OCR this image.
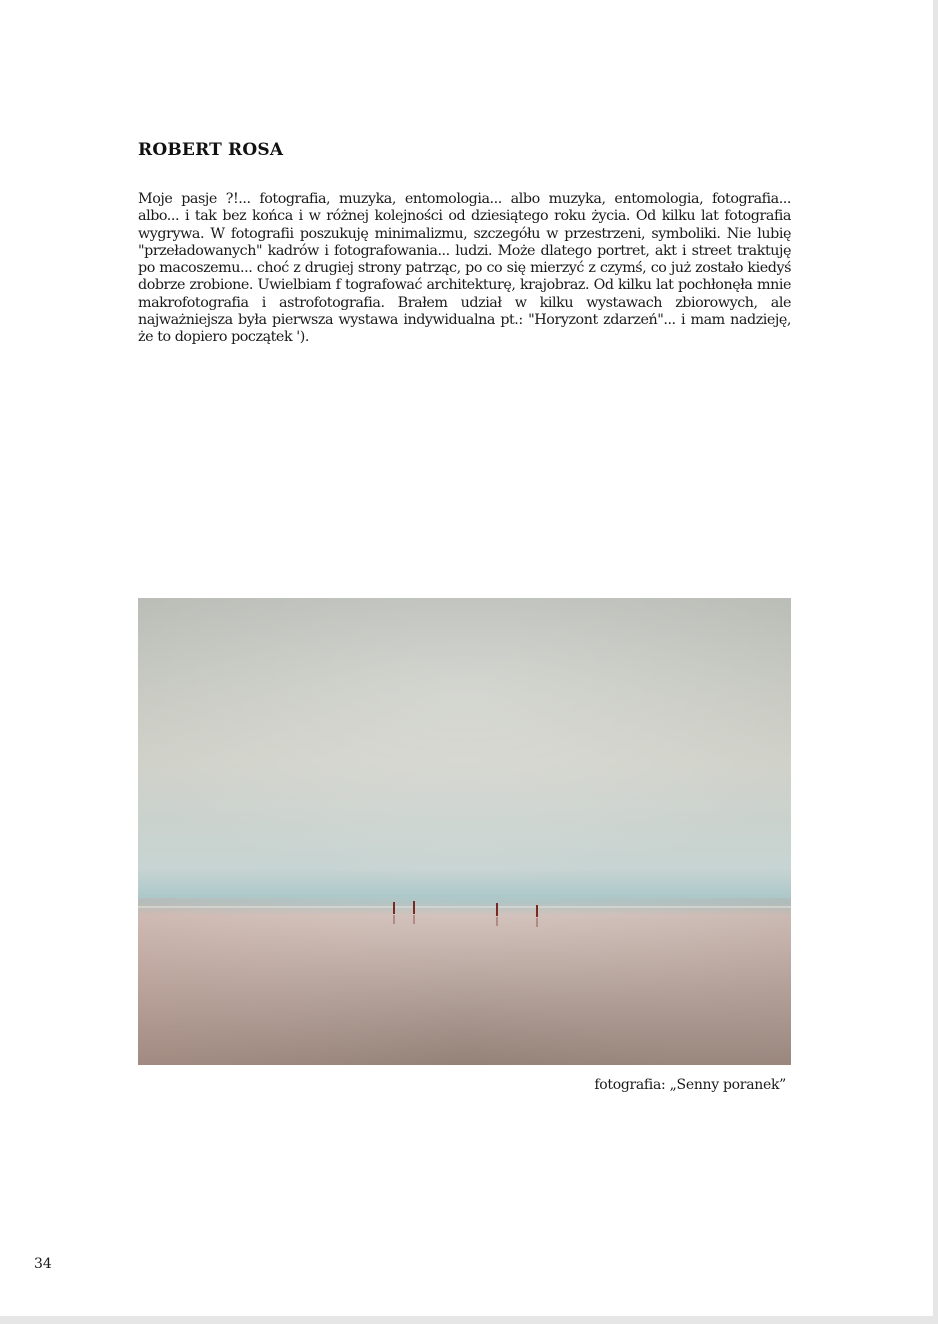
ROBERT ROSA

Moje pasje ?!... fotografia, muzyka, entomologia... albo muzyka, entomologia, fotografia... albo... i tak bez końca i w różnej kolejności od dziesiątego roku życia. Od kilku lat fotografia wygrywa. W fotografii poszukuję minimalizmu, szczegółu w przestrzeni, symboliki. Nie lubię "przeładowanych" kadrów i fotografowania... ludzi. Może dlatego portret, akt i street traktuję po macoszemu... choć z drugiej strony patrząc, po co się mierzyć z czymś, co już zostało kiedyś dobrze zrobione. Uwielbiam f tografować architekturę, krajobraz. Od kilku lat pochłonęła mnie makrofotografia i astrofotografia. Brałem udział w kilku wystawach zbiorowych, ale najważniejsza była pierwsza wystawa indywidualna pt.: "Horyzont zdarzeń"... i mam nadzieję, że to dopiero początek ').

fotografia: „Senny poranek”

34
